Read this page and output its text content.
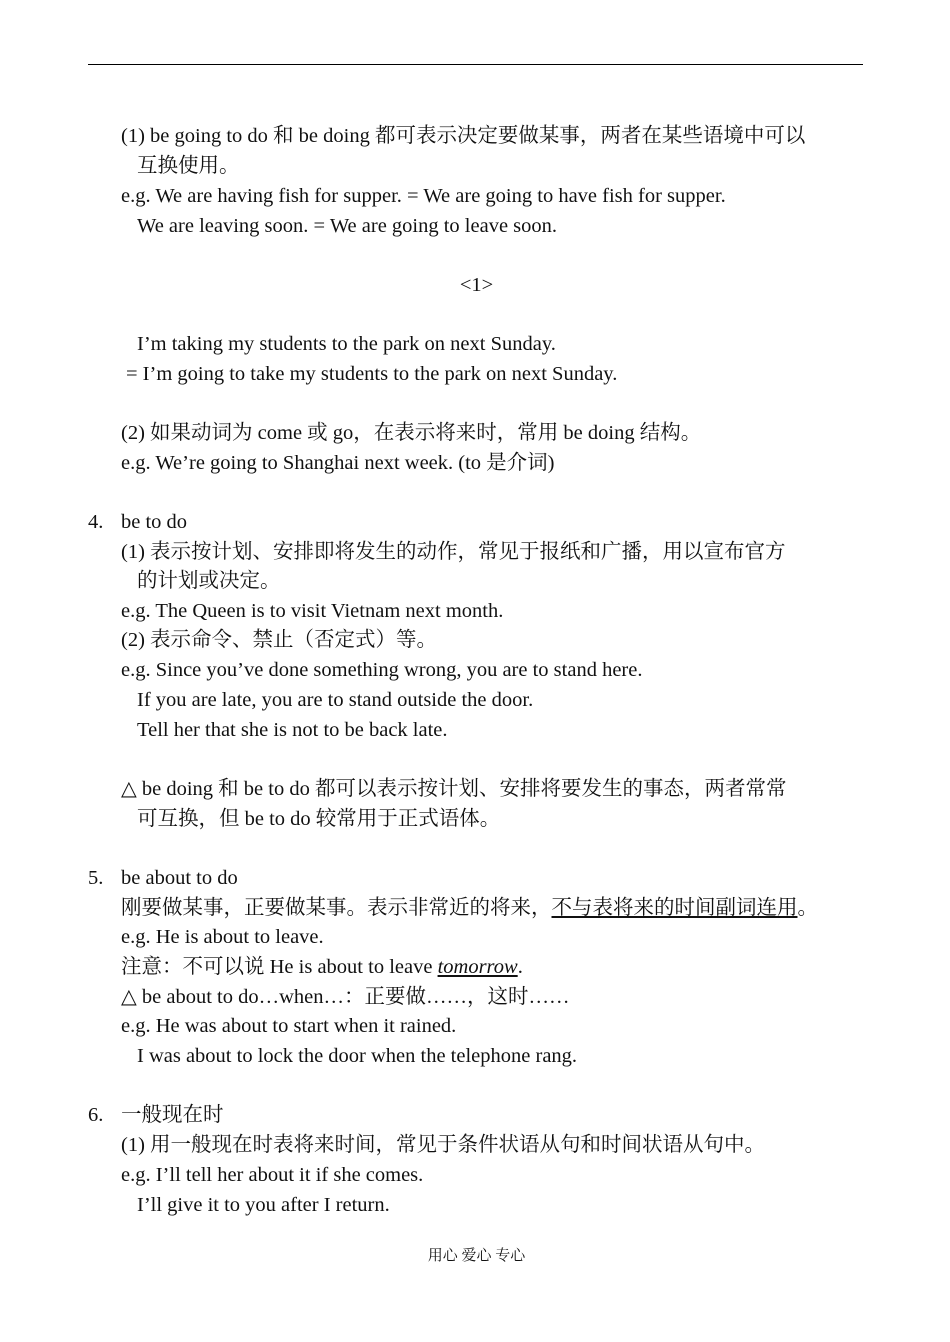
(1) be going to do 和 be doing 都可表示决定要做某事，两者在某些语境中可以
互换使用。
e.g. We are having fish for supper. = We are going to have fish for supper.
We are leaving soon. = We are going to leave soon.
<1>
I’m taking my students to the park on next Sunday.
= I’m going to take my students to the park on next Sunday.
(2) 如果动词为 come 或 go，在表示将来时，常用 be doing 结构。
e.g. We’re going to Shanghai next week. (to 是介词)
4. be to do
(1) 表示按计划、安排即将发生的动作，常见于报纸和广播，用以宣布官方
的计划或决定。
e.g. The Queen is to visit Vietnam next month.
(2) 表示命令、禁止（否定式）等。
e.g. Since you’ve done something wrong, you are to stand here.
If you are late, you are to stand outside the door.
Tell her that she is not to be back late.
△ be doing 和 be to do 都可以表示按计划、安排将要发生的事态，两者常常
可互换，但 be to do 较常用于正式语体。
5. be about to do
刚要做某事，正要做某事。表示非常近的将来，不与表将来的时间副词连用。
e.g. He is about to leave.
注意：不可以说 He is about to leave tomorrow.
△ be about to do…when…：正要做……，这时……
e.g. He was about to start when it rained.
I was about to lock the door when the telephone rang.
6. 一般现在时
(1) 用一般现在时表将来时间，常见于条件状语从句和时间状语从句中。
e.g. I’ll tell her about it if she comes.
I’ll give it to you after I return.
用心 爱心 专心
